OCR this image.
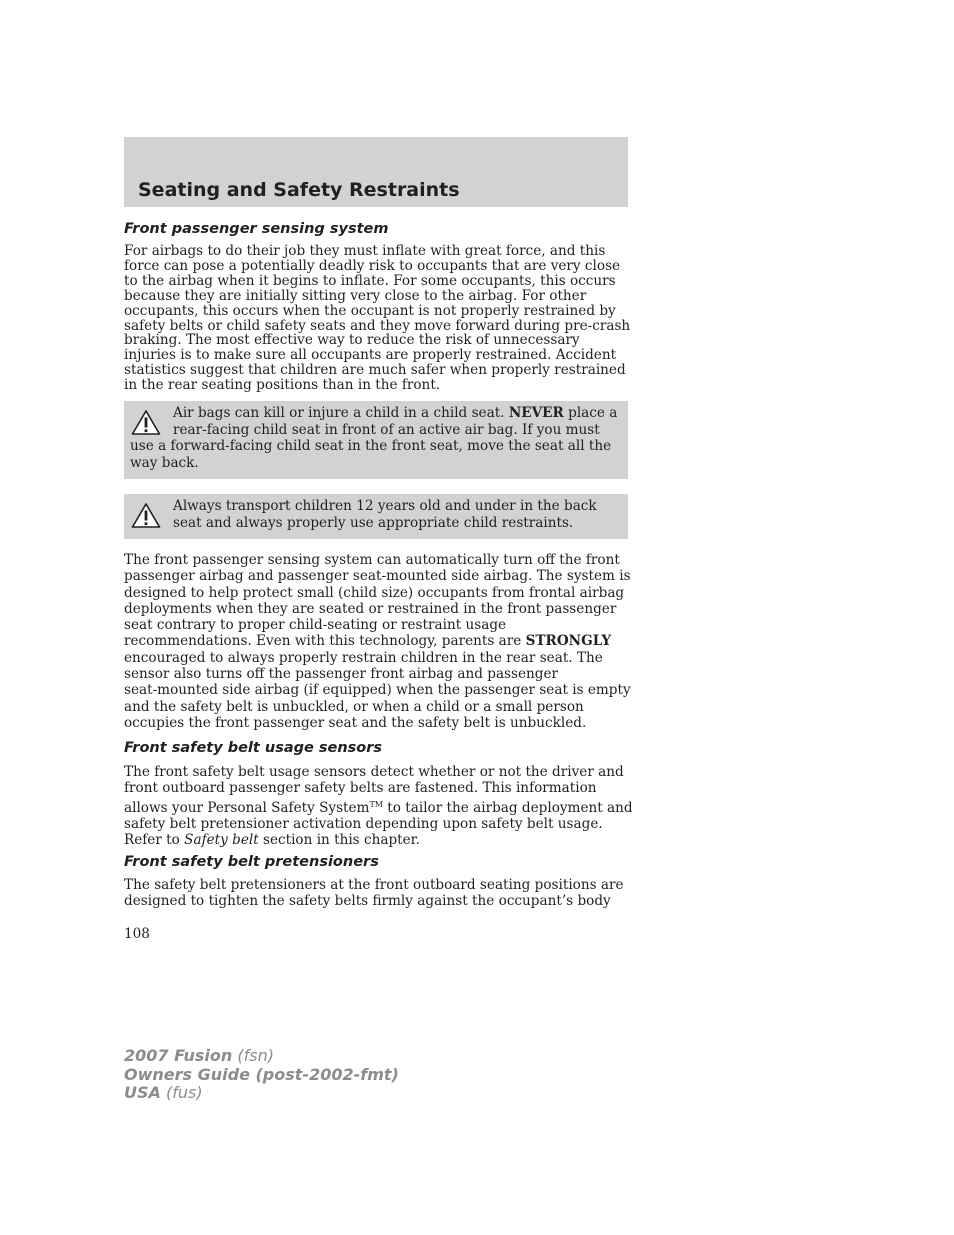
Seating and Safety Restraints
Front passenger sensing system

For airbags to do their job they must inflate with great force, and this
force can pose a potentially deadly risk to occupants that are very close
to the airbag when it begins to inflate. For some occupants, this occurs
because they are initially sitting very close to the airbag. For other
occupants, this occurs when the occupant is not properly restrained by
safety belts or child safety seats and they move forward during pre-crash
braking. The most effective way to reduce the risk of unnecessary
injuries is to make sure all occupants are properly restrained. Accident
statistics suggest that children are much safer when properly restrained
in the rear seating positions than in the front.

Air bags can kill or injure a child in a child seat. NEVER place a
rear-facing child seat in front of an active air bag. If you must
use a forward-facing child seat in the front seat, move the seat all the
way back.
Always transport children 12 years old and under in the back
seat and always properly use appropriate child restraints.

The front passenger sensing system can automatically turn off the front
passenger airbag and passenger seat-mounted side airbag. The system is
designed to help protect small (child size) occupants from frontal airbag
deployments when they are seated or restrained in the front passenger
seat contrary to proper child-seating or restraint usage
recommendations. Even with this technology, parents are STRONGLY
encouraged to always properly restrain children in the rear seat. The
sensor also turns off the passenger front airbag and passenger
seat-mounted side airbag (if equipped) when the passenger seat is empty
and the safety belt is unbuckled, or when a child or a small person
occupies the front passenger seat and the safety belt is unbuckled.

Front safety belt usage sensors

The front safety belt usage sensors detect whether or not the driver and
front outboard passenger safety belts are fastened. This information
allows your Personal Safety System™ to tailor the airbag deployment and
safety belt pretensioner activation depending upon safety belt usage.
Refer to Safety belt section in this chapter.

Front safety belt pretensioners

The safety belt pretensioners at the front outboard seating positions are
designed to tighten the safety belts firmly against the occupant’s body

108
2007 Fusion (fsn)
Owners Guide (post-2002-fmt)
USA (fus)
